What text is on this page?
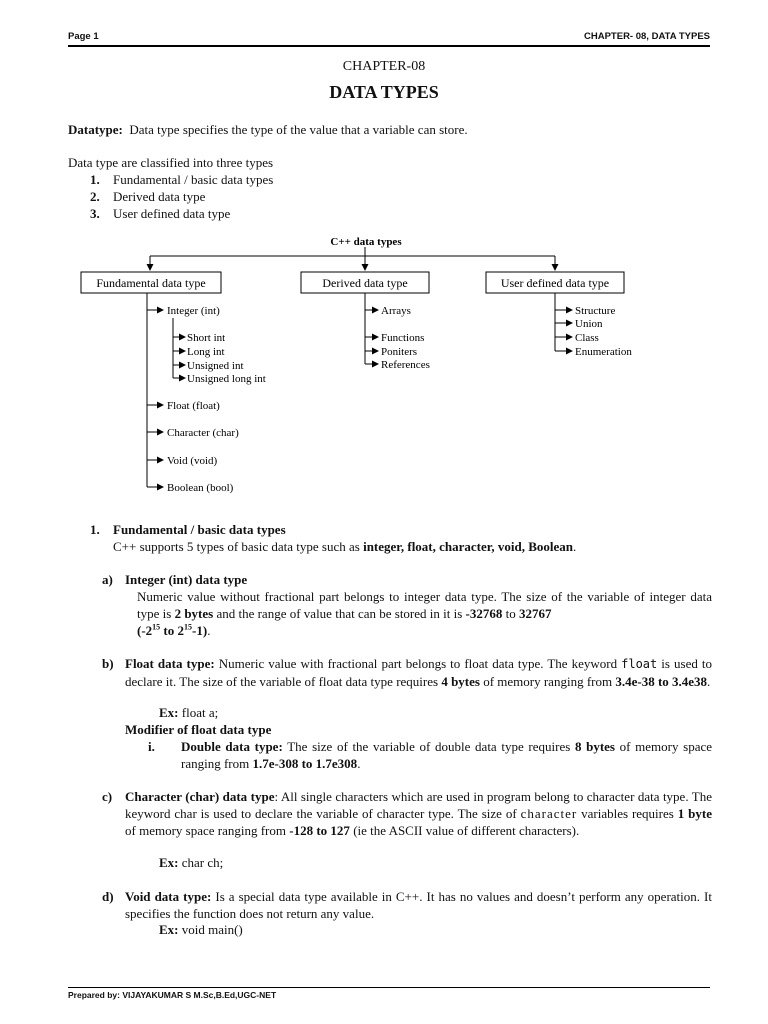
Page 1	CHAPTER- 08, DATA TYPES
CHAPTER-08
DATA TYPES
Datatype: Data type specifies the type of the value that a variable can store.
Data type are classified into three types
1. Fundamental / basic data types
2. Derived data type
3. User defined data type
C++ data types
Fundamental data type	Derived data type	User defined data type
Integer (int)
Short int
Long int
Unsigned int
Unsigned long int
Float (float)
Character (char)
Void (void)
Boolean (bool)
Arrays
Functions
Poniters
References
Structure
Union
Class
Enumeration
1. Fundamental / basic data types
C++ supports 5 types of basic data type such as integer, float, character, void, Boolean.
a) Integer (int) data type
Numeric value without fractional part belongs to integer data type. The size of the variable of integer data type is 2 bytes and the range of value that can be stored in it is -32768 to 32767
($-2^{15}$ to $2^{15}-1$).
b) Float data type: Numeric value with fractional part belongs to float data type. The keyword float is used to declare it. The size of the variable of float data type requires 4 bytes of memory ranging from 3.4e-38 to 3.4e38.
Ex: float a;
Modifier of float data type
i.	Double data type: The size of the variable of double data type requires 8 bytes of memory space ranging from 1.7e-308 to 1.7e308.
c) Character (char) data type: All single characters which are used in program belong to character data type. The keyword char is used to declare the variable of character type. The size of character variables requires 1 byte of memory space ranging from -128 to 127 (ie the ASCII value of different characters).
Ex: char ch;
d) Void data type: Is a special data type available in C++. It has no values and doesn’t perform any operation. It specifies the function does not return any value.
Ex: void main()
Prepared by: VIJAYAKUMAR S M.Sc,B.Ed,UGC-NET
